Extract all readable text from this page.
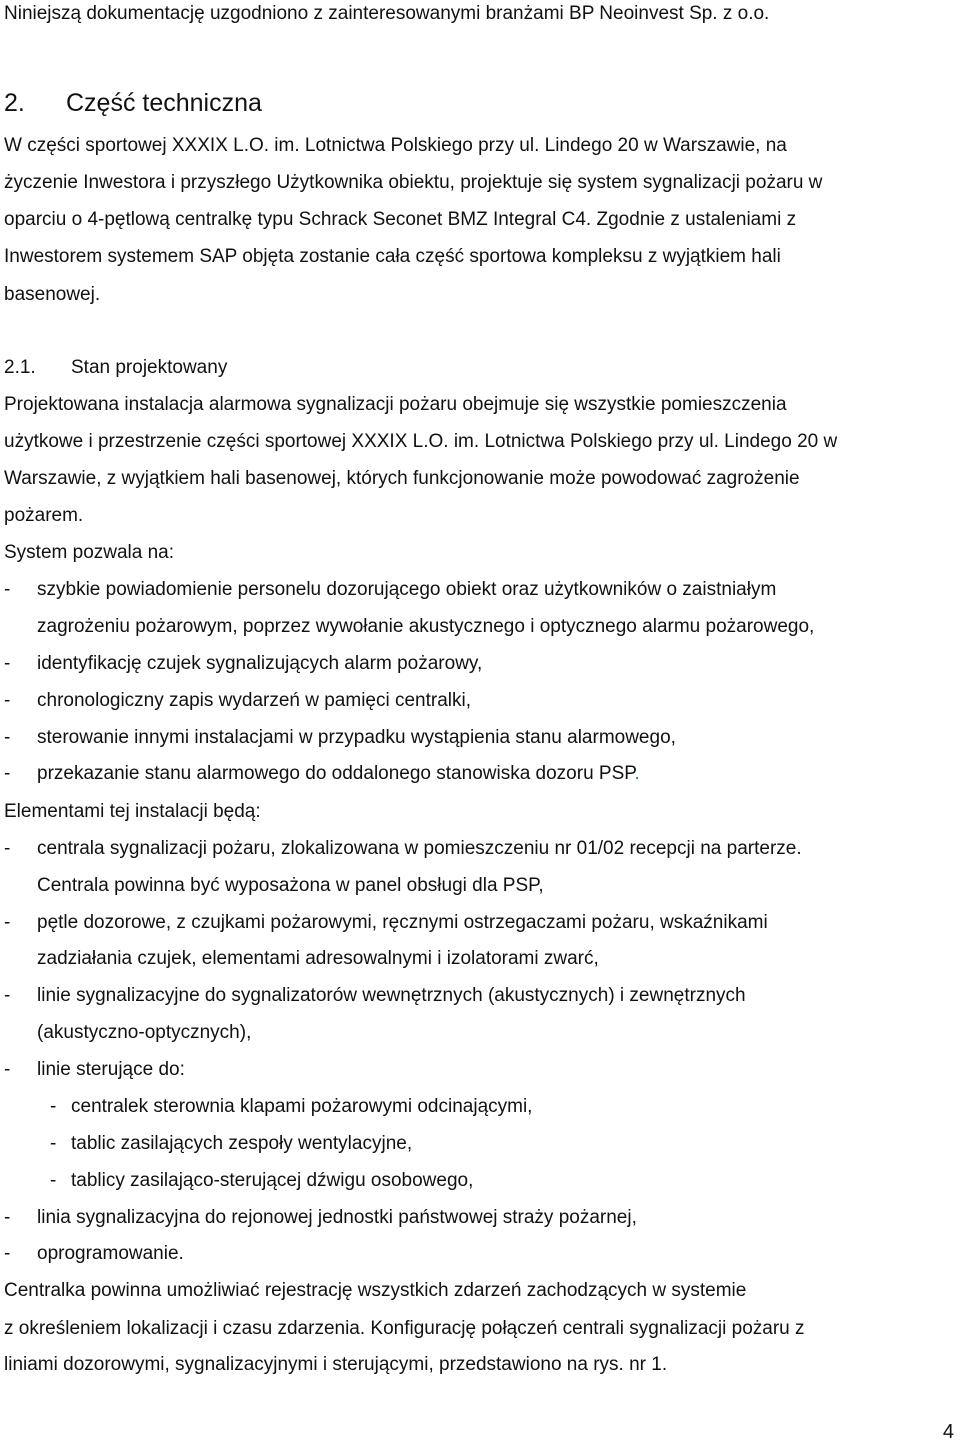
Niniejszą dokumentację uzgodniono z zainteresowanymi branżami BP Neoinvest Sp. z o.o.
2. Część techniczna
W części sportowej XXXIX L.O. im. Lotnictwa Polskiego przy ul. Lindego 20 w Warszawie, na
życzenie Inwestora i przyszłego Użytkownika obiektu, projektuje się system sygnalizacji pożaru w
oparciu o 4-pętlową centralkę typu Schrack Seconet BMZ Integral C4. Zgodnie z ustaleniami z
Inwestorem systemem SAP objęta zostanie cała część sportowa kompleksu z wyjątkiem hali
basenowej.
2.1. Stan projektowany
Projektowana instalacja alarmowa sygnalizacji pożaru obejmuje się wszystkie pomieszczenia
użytkowe i przestrzenie części sportowej XXXIX L.O. im. Lotnictwa Polskiego przy ul. Lindego 20 w
Warszawie, z wyjątkiem hali basenowej, których funkcjonowanie może powodować zagrożenie
pożarem.
System pozwala na:
- szybkie powiadomienie personelu dozorującego obiekt oraz użytkowników o zaistniałym
zagrożeniu pożarowym, poprzez wywołanie akustycznego i optycznego alarmu pożarowego,
- identyfikację czujek sygnalizujących alarm pożarowy,
- chronologiczny zapis wydarzeń w pamięci centralki,
- sterowanie innymi instalacjami w przypadku wystąpienia stanu alarmowego,
- przekazanie stanu alarmowego do oddalonego stanowiska dozoru PSP.
Elementami tej instalacji będą:
- centrala sygnalizacji pożaru, zlokalizowana w pomieszczeniu nr 01/02 recepcji na parterze.
Centrala powinna być wyposażona w panel obsługi dla PSP,
- pętle dozorowe, z czujkami pożarowymi, ręcznymi ostrzegaczami pożaru, wskaźnikami
zadziałania czujek, elementami adresowalnymi i izolatorami zwarć,
- linie sygnalizacyjne do sygnalizatorów wewnętrznych (akustycznych) i zewnętrznych
(akustyczno-optycznych),
- linie sterujące do:
- centralek sterownia klapami pożarowymi odcinającymi,
- tablic zasilających zespoły wentylacyjne,
- tablicy zasilająco-sterującej dźwigu osobowego,
- linia sygnalizacyjna do rejonowej jednostki państwowej straży pożarnej,
- oprogramowanie.
Centralka powinna umożliwiać rejestrację wszystkich zdarzeń zachodzących w systemie
z określeniem lokalizacji i czasu zdarzenia. Konfigurację połączeń centrali sygnalizacji pożaru z
liniami dozorowymi, sygnalizacyjnymi i sterującymi, przedstawiono na rys. nr 1.
4
